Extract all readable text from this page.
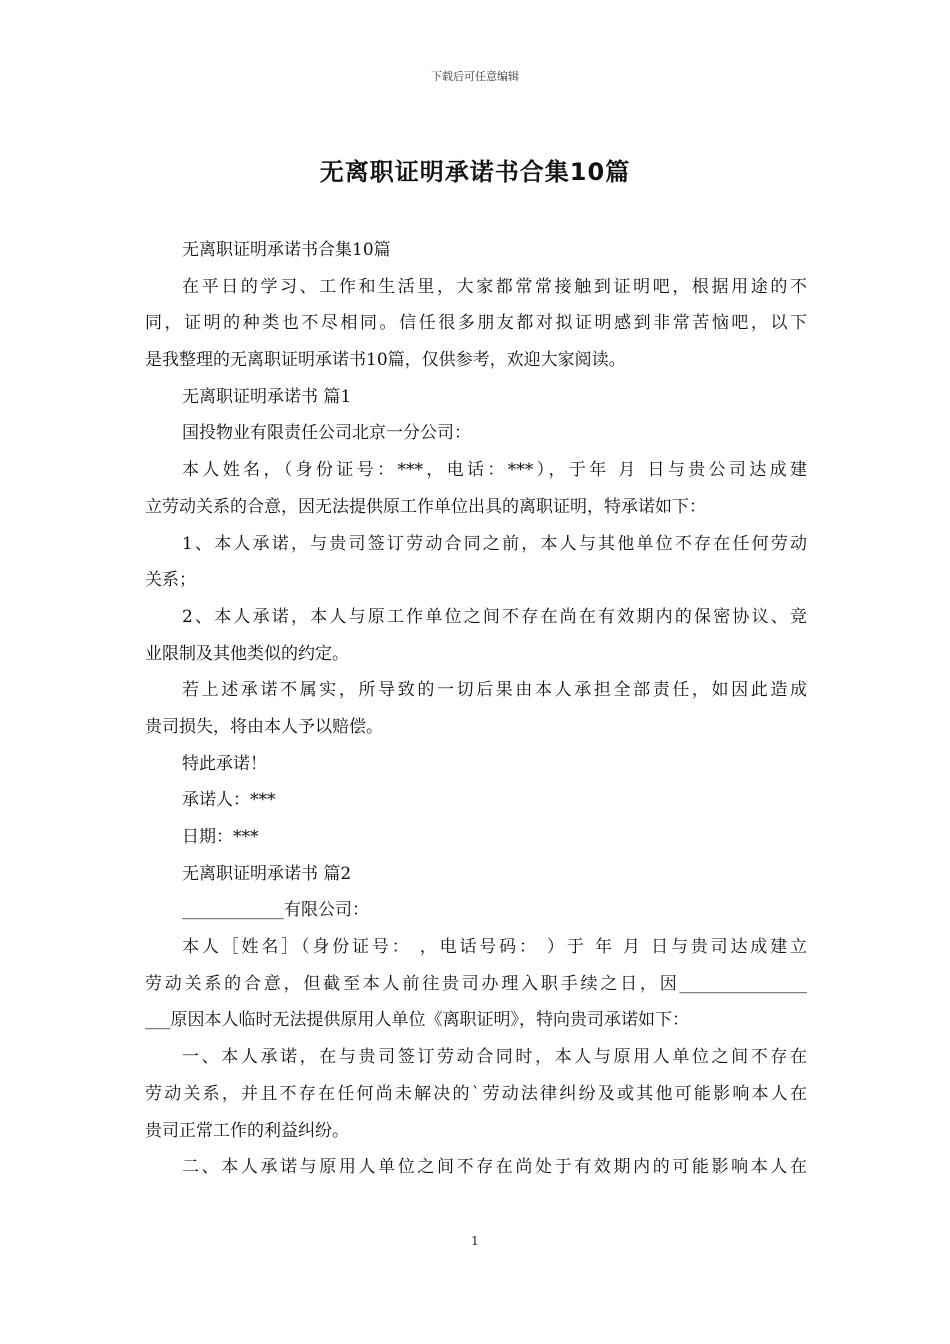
下载后可任意编辑
无离职证明承诺书合集10篇
无离职证明承诺书合集10篇
在平日的学习、工作和生活里，大家都常常接触到证明吧，根据用途的不
同，证明的种类也不尽相同。信任很多朋友都对拟证明感到非常苦恼吧，以下
是我整理的无离职证明承诺书10篇，仅供参考，欢迎大家阅读。
无离职证明承诺书 篇1
国投物业有限责任公司北京一分公司：
本人姓名，（身份证号：***，电话：***），于年 月 日与贵公司达成建
立劳动关系的合意，因无法提供原工作单位出具的离职证明，特承诺如下：
1、本人承诺，与贵司签订劳动合同之前，本人与其他单位不存在任何劳动
关系；
2、本人承诺，本人与原工作单位之间不存在尚在有效期内的保密协议、竞
业限制及其他类似的约定。
若上述承诺不属实，所导致的一切后果由本人承担全部责任，如因此造成
贵司损失，将由本人予以赔偿。
特此承诺！
承诺人：***
日期：***
无离职证明承诺书 篇2
____________有限公司：
本人［姓名］（身份证号： ，电话号码： ）于 年 月 日与贵司达成建立
劳动关系的合意，但截至本人前往贵司办理入职手续之日，因_______________
___原因本人临时无法提供原用人单位《离职证明》，特向贵司承诺如下：
一、本人承诺，在与贵司签订劳动合同时，本人与原用人单位之间不存在
劳动关系，并且不存在任何尚未解决的`劳动法律纠纷及或其他可能影响本人在
贵司正常工作的利益纠纷。
二、本人承诺与原用人单位之间不存在尚处于有效期内的可能影响本人在
1
